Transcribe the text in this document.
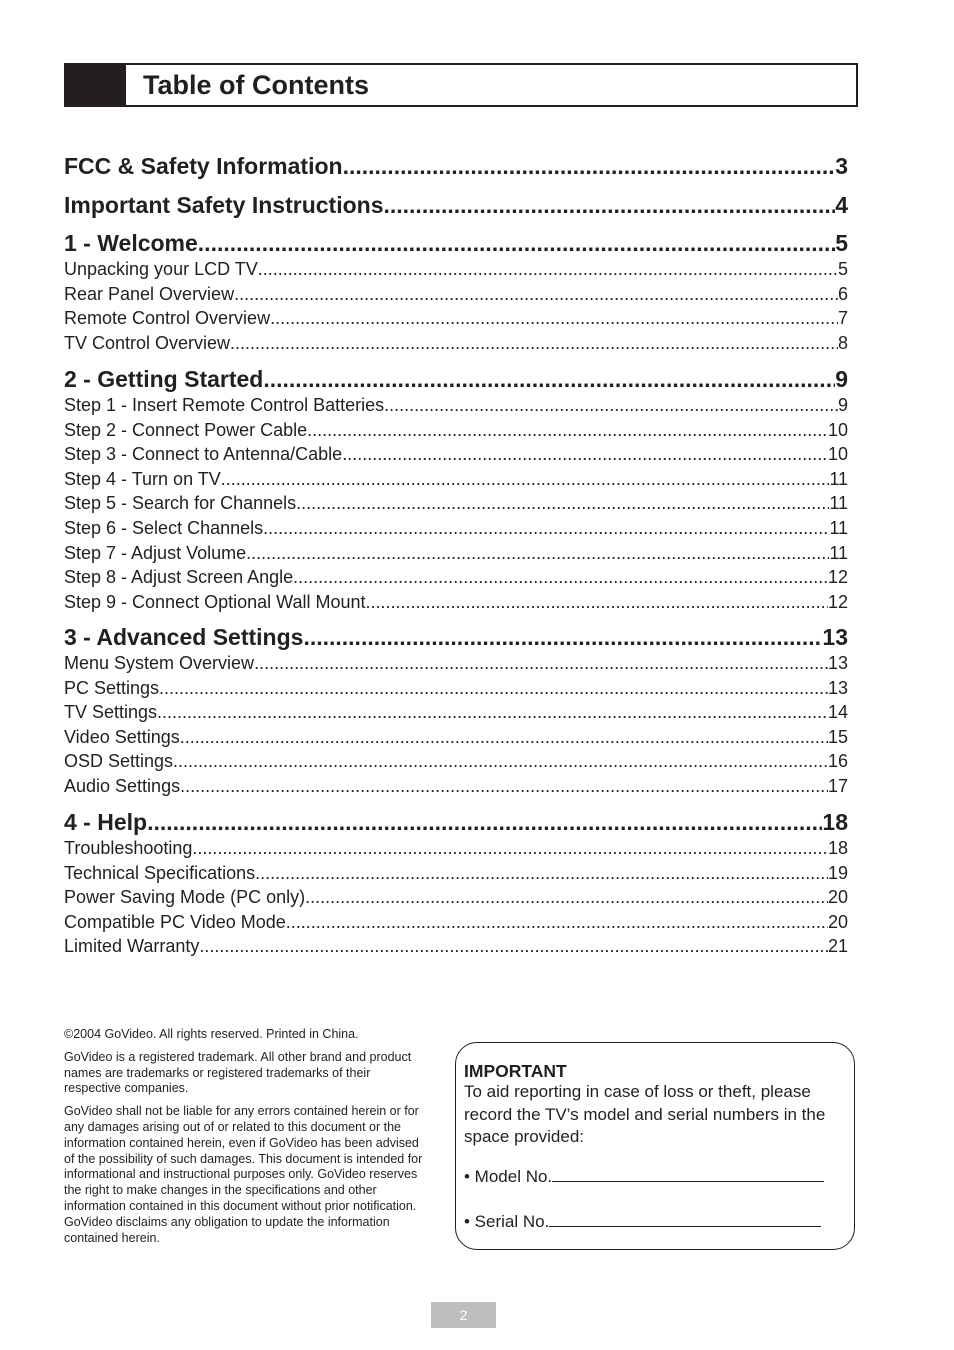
Table of Contents
FCC & Safety Information .....	3
Important Safety Instructions .....	4
1 - Welcome .....	5
Unpacking your LCD TV .....	5
Rear Panel Overview .....	6
Remote Control Overview .....	7
TV Control Overview .....	8
2 - Getting Started .....	9
Step 1 - Insert Remote Control Batteries .....	9
Step 2 - Connect Power Cable .....	10
Step 3 - Connect to Antenna/Cable .....	10
Step 4 - Turn on TV .....	11
Step 5 - Search for Channels .....	11
Step 6 - Select Channels .....	11
Step 7 - Adjust Volume .....	11
Step 8 - Adjust Screen Angle .....	12
Step 9 - Connect Optional Wall Mount .....	12
3 - Advanced Settings .....	13
Menu System Overview .....	13
PC Settings .....	13
TV Settings .....	14
Video Settings .....	15
OSD Settings .....	16
Audio Settings .....	17
4 - Help .....	18
Troubleshooting .....	18
Technical Specifications .....	19
Power Saving Mode (PC only) .....	20
Compatible PC Video Mode .....	20
Limited Warranty .....	21

©2004 GoVideo. All rights reserved. Printed in China.

GoVideo is a registered trademark. All other brand and product names are trademarks or registered trademarks of their respective companies.

GoVideo shall not be liable for any errors contained herein or for any damages arising out of or related to this document or the information contained herein, even if GoVideo has been advised of the possibility of such damages. This document is intended for informational and instructional purposes only. GoVideo reserves the right to make changes in the specifications and other information contained in this document without prior notification. GoVideo disclaims any obligation to update the information contained herein.

IMPORTANT
To aid reporting in case of loss or theft, please record the TV’s model and serial numbers in the space provided:
• Model No.
• Serial No.
2
